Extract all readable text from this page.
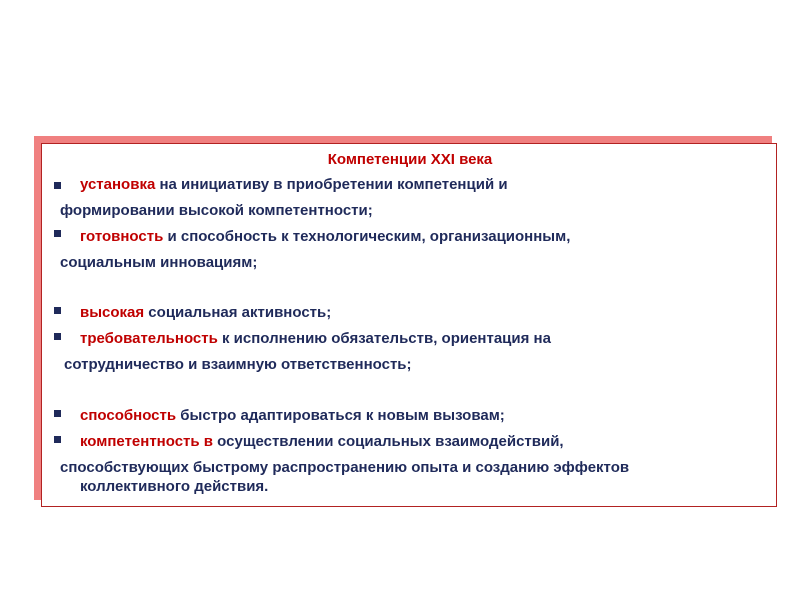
Компетенции XXI века
установка на инициативу в приобретении компетенций и
формировании высокой компетентности;
готовность и способность к технологическим, организационным,
социальным инновациям;
высокая социальная активность;
требовательность к исполнению обязательств, ориентация на
сотрудничество и взаимную ответственность;
способность быстро адаптироваться к новым вызовам;
компетентность в осуществлении социальных взаимодействий,
способствующих быстрому распространению опыта и созданию эффектов
коллективного действия.
